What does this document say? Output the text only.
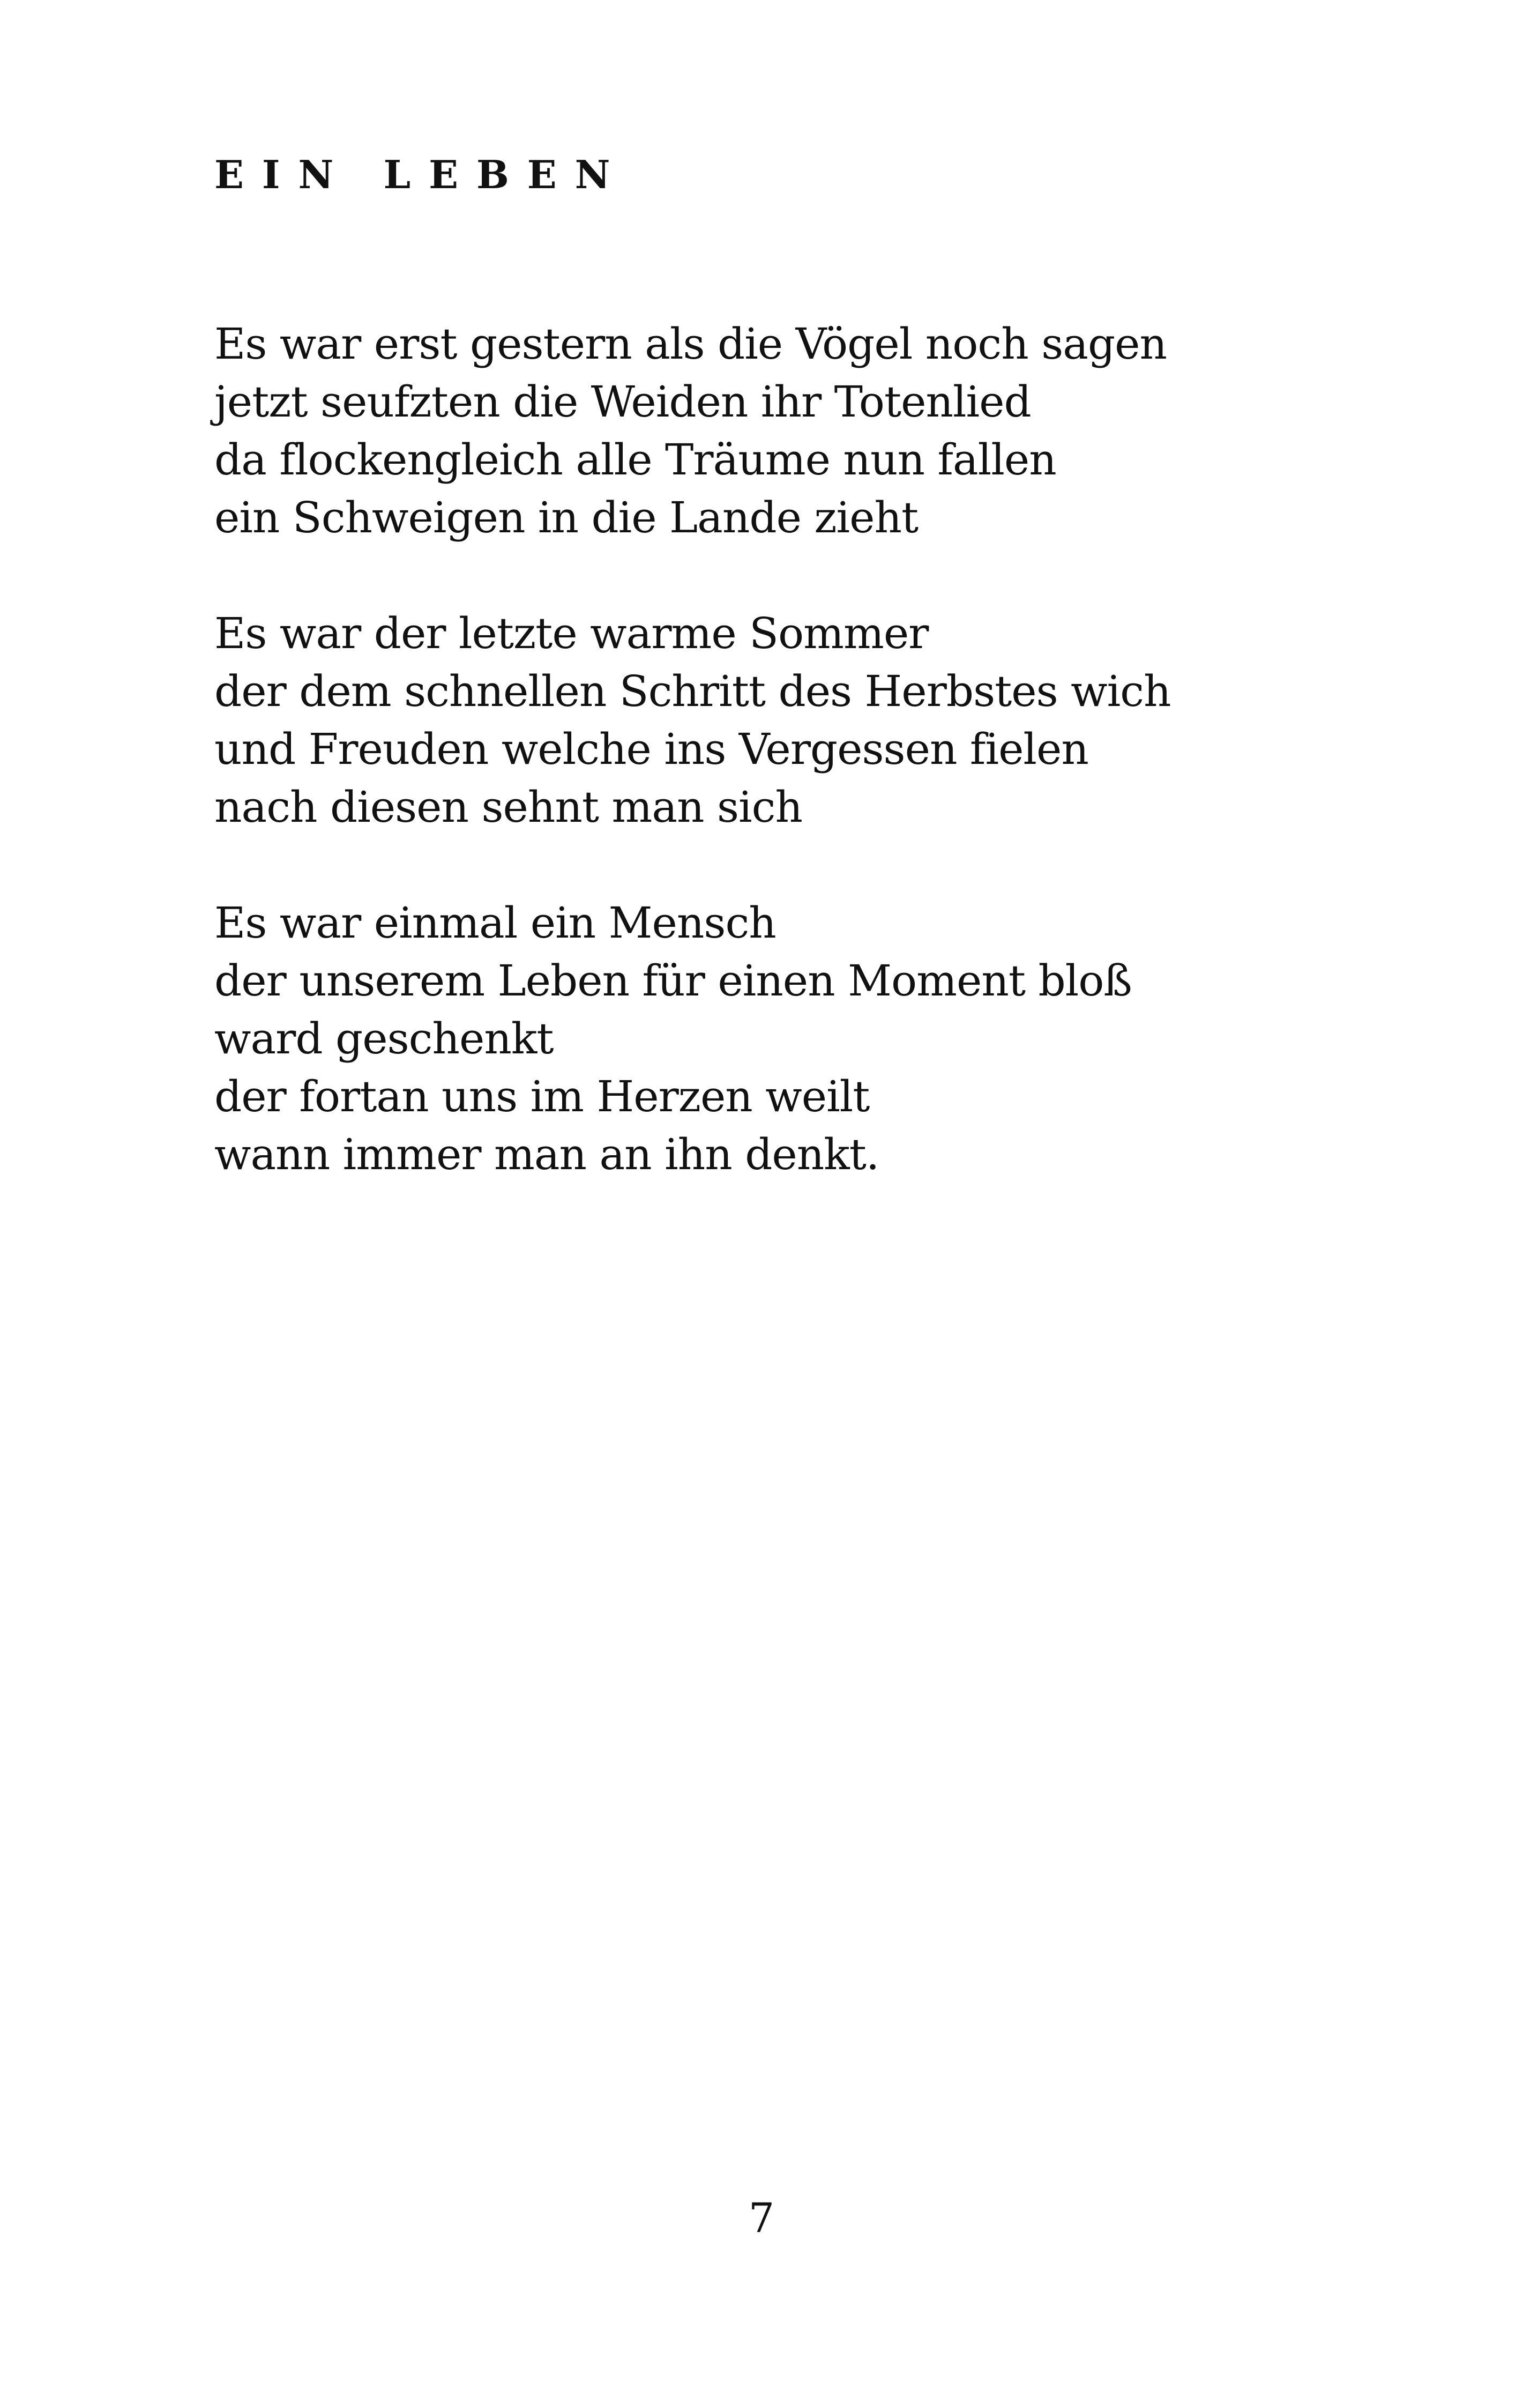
EIN LEBEN
Es war erst gestern als die Vögel noch sagen
jetzt seufzten die Weiden ihr Totenlied
da flockengleich alle Träume nun fallen
ein Schweigen in die Lande zieht
Es war der letzte warme Sommer
der dem schnellen Schritt des Herbstes wich
und Freuden welche ins Vergessen fielen
nach diesen sehnt man sich
Es war einmal ein Mensch
der unserem Leben für einen Moment bloß
ward geschenkt
der fortan uns im Herzen weilt
wann immer man an ihn denkt.
7
